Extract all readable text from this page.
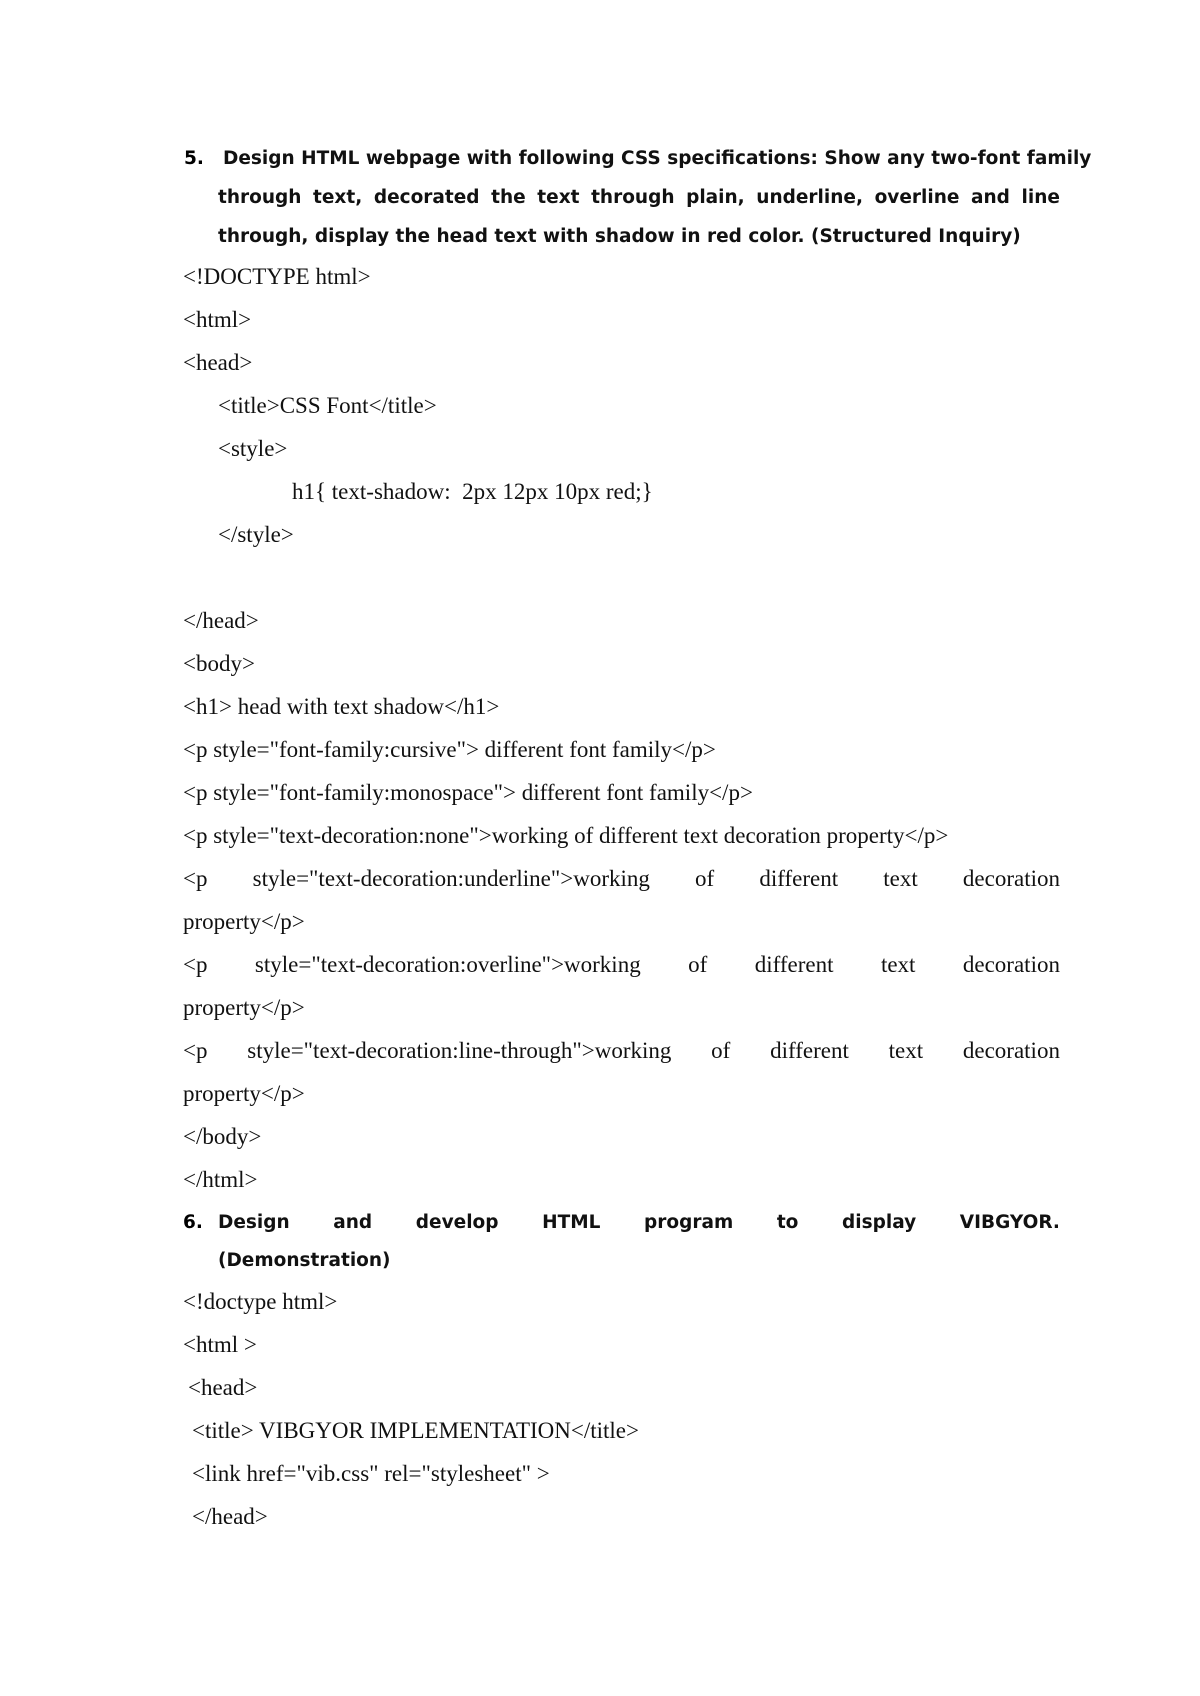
5. Design HTML webpage with following CSS specifications: Show any two-font family

through text, decorated the text through plain, underline, overline and line

through, display the head text with shadow in red color. (Structured Inquiry)

<!DOCTYPE html>

<html>

<head>

<title>CSS Font</title>

<style>

h1{ text-shadow:  2px 12px 10px red;}

</style>

</head>

<body>

<h1> head with text shadow</h1>

<p style="font-family:cursive"> different font family</p>

<p style="font-family:monospace"> different font family</p>

<p style="text-decoration:none">working of different text decoration property</p>

<p style="text-decoration:underline">working of different text decoration

property</p>

<p style="text-decoration:overline">working of different text decoration

property</p>

<p style="text-decoration:line-through">working of different text decoration

property</p>

</body>

</html>

6. Design and develop HTML program to display VIBGYOR.

(Demonstration)

<!doctype html>

<html >

<head>

<title> VIBGYOR IMPLEMENTATION</title>

<link href="vib.css" rel="stylesheet" >

</head>
